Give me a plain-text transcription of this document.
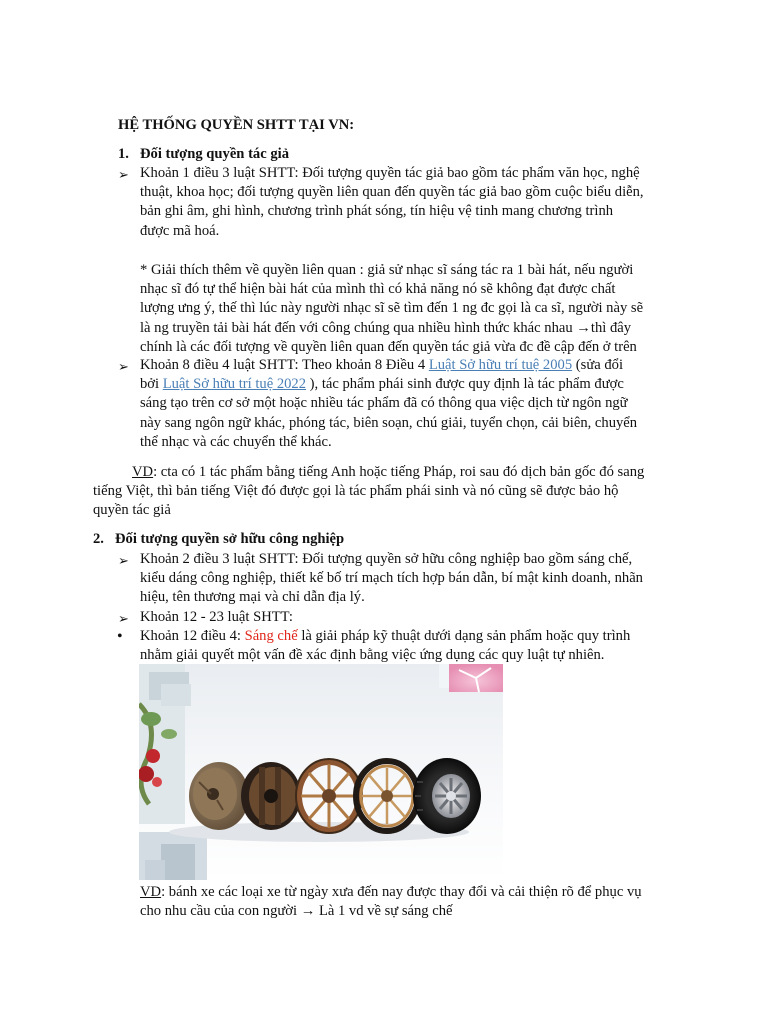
HỆ THỐNG QUYỀN SHTT TẠI VN:
1. Đối tượng quyền tác giả
➢ Khoản 1 điều 3 luật SHTT: Đối tượng quyền tác giả bao gồm tác phẩm văn học, nghệ
thuật, khoa học; đối tượng quyền liên quan đến quyền tác giả bao gồm cuộc biểu diễn,
bản ghi âm, ghi hình, chương trình phát sóng, tín hiệu vệ tinh mang chương trình
được mã hoá.
* Giải thích thêm về quyền liên quan : giả sử nhạc sĩ sáng tác ra 1 bài hát, nếu người
nhạc sĩ đó tự thể hiện bài hát của mình thì có khả năng nó sẽ không đạt được chất
lượng ưng ý, thế thì lúc này người nhạc sĩ sẽ tìm đến 1 ng đc gọi là ca sĩ, người này sẽ
là ng truyền tải bài hát đến với công chúng qua nhiều hình thức khác nhau →thì đây
chính là các đối tượng về quyền liên quan đến quyền tác giả vừa đc đề cập đến ở trên
➢ Khoản 8 điều 4 luật SHTT: Theo khoản 8 Điều 4 Luật Sở hữu trí tuệ 2005 (sửa đổi
bởi Luật Sở hữu trí tuệ 2022 ), tác phẩm phái sinh được quy định là tác phẩm được
sáng tạo trên cơ sở một hoặc nhiều tác phẩm đã có thông qua việc dịch từ ngôn ngữ
này sang ngôn ngữ khác, phóng tác, biên soạn, chú giải, tuyển chọn, cải biên, chuyển
thể nhạc và các chuyển thể khác.
VD: cta có 1 tác phẩm bằng tiếng Anh hoặc tiếng Pháp, roi sau đó dịch bản gốc đó sang
tiếng Việt, thì bản tiếng Việt đó được gọi là tác phẩm phái sinh và nó cũng sẽ được bảo hộ
quyền tác giả
2. Đối tượng quyền sở hữu công nghiệp
➢ Khoản 2 điều 3 luật SHTT: Đối tượng quyền sở hữu công nghiệp bao gồm sáng chế,
kiểu dáng công nghiệp, thiết kế bố trí mạch tích hợp bán dẫn, bí mật kinh doanh, nhãn
hiệu, tên thương mại và chỉ dẫn địa lý.
➢ Khoản 12 - 23 luật SHTT:
• Khoản 12 điều 4: Sáng chế là giải pháp kỹ thuật dưới dạng sản phẩm hoặc quy trình
nhằm giải quyết một vấn đề xác định bằng việc ứng dụng các quy luật tự nhiên.
VD: bánh xe các loại xe từ ngày xưa đến nay được thay đổi và cải thiện rõ để phục vụ
cho nhu cầu của con người → Là 1 vd về sự sáng chế
